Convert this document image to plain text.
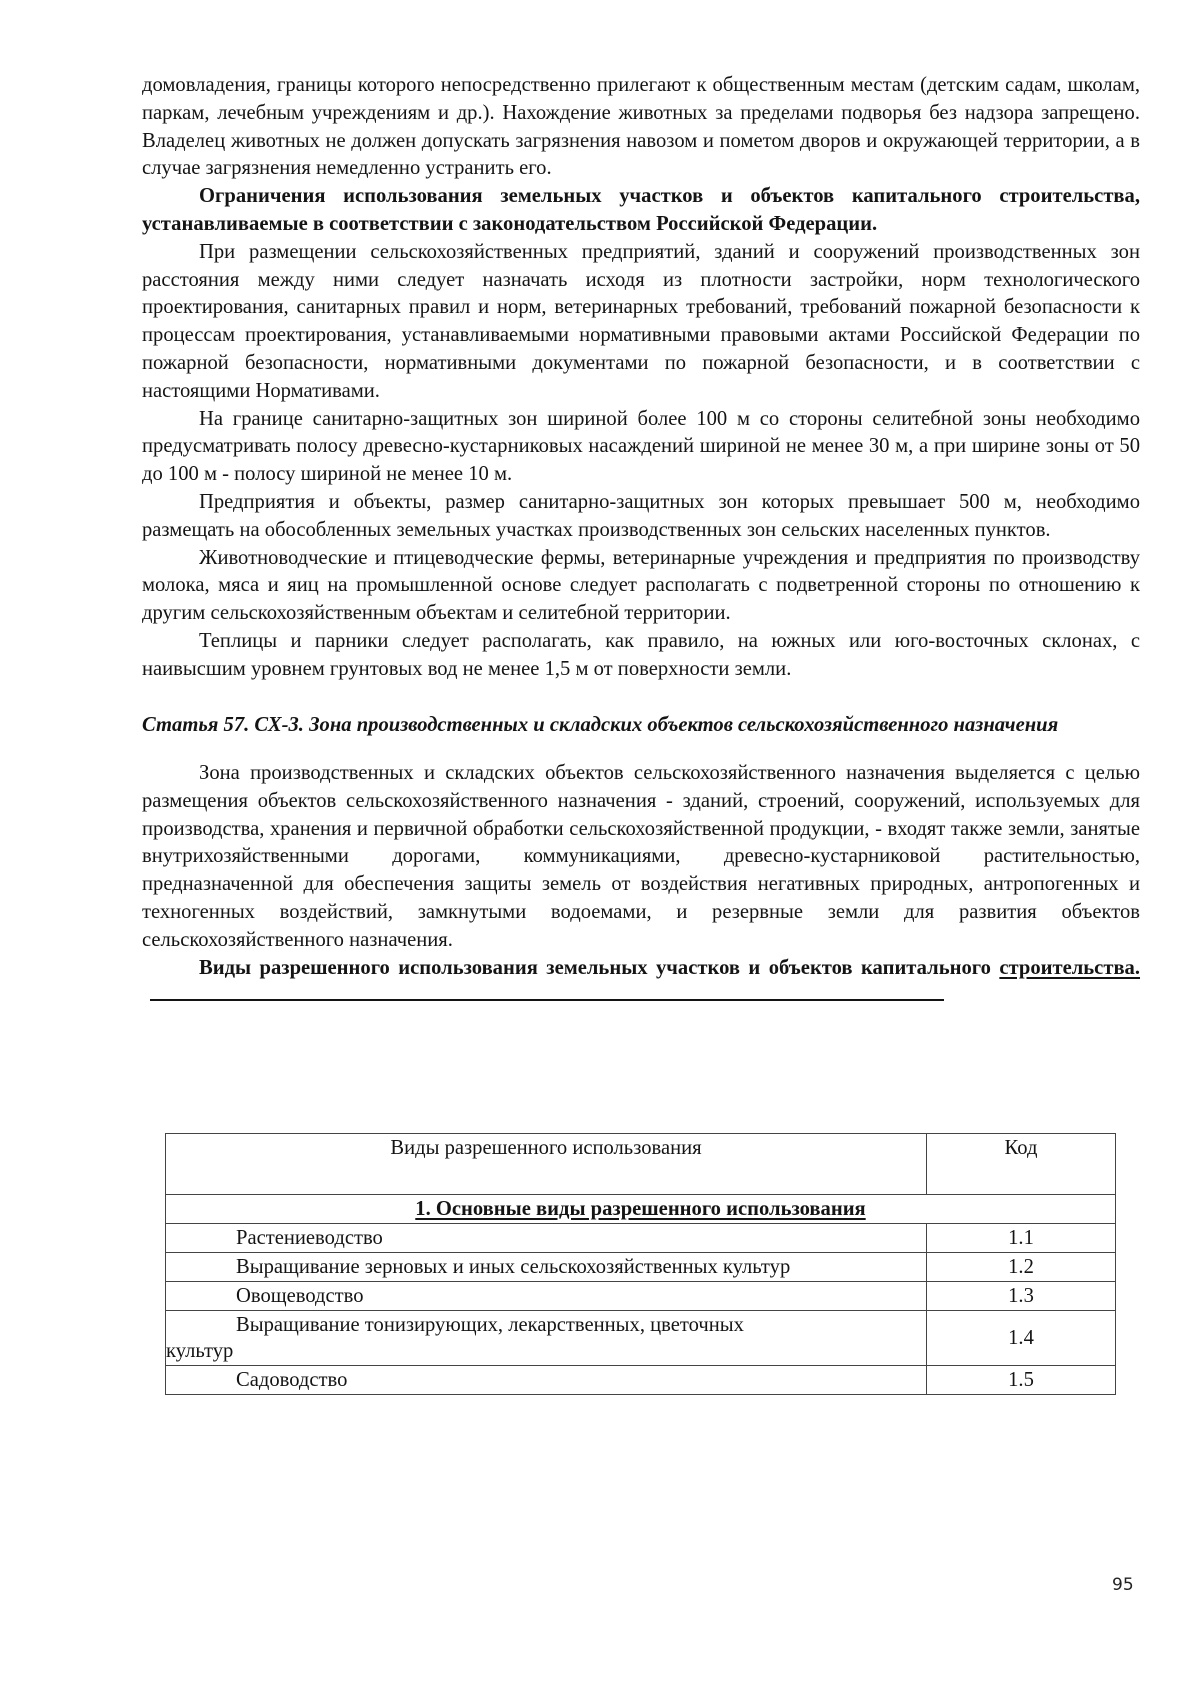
домовладения, границы которого непосредственно прилегают к общественным местам (детским садам, школам, паркам, лечебным учреждениям и др.). Нахождение животных за пределами подворья без надзора запрещено. Владелец животных не должен допускать загрязнения навозом и пометом дворов и окружающей территории, а в случае загрязнения немедленно устранить его.

Ограничения использования земельных участков и объектов капитального строительства, устанавливаемые в соответствии с законодательством Российской Федерации.

При размещении сельскохозяйственных предприятий, зданий и сооружений производственных зон расстояния между ними следует назначать исходя из плотности застройки, норм технологического проектирования, санитарных правил и норм, ветеринарных требований, требований пожарной безопасности к процессам проектирования, устанавливаемыми нормативными правовыми актами Российской Федерации по пожарной безопасности, нормативными документами по пожарной безопасности, и в соответствии с настоящими Нормативами.

На границе санитарно-защитных зон шириной более 100 м со стороны селитебной зоны необходимо предусматривать полосу древесно-кустарниковых насаждений шириной не менее 30 м, а при ширине зоны от 50 до 100 м - полосу шириной не менее 10 м.

Предприятия и объекты, размер санитарно-защитных зон которых превышает 500 м, необходимо размещать на обособленных земельных участках производственных зон сельских населенных пунктов.

Животноводческие и птицеводческие фермы, ветеринарные учреждения и предприятия по производству молока, мяса и яиц на промышленной основе следует располагать с подветренной стороны по отношению к другим сельскохозяйственным объектам и селитебной территории.

Теплицы и парники следует располагать, как правило, на южных или юго-восточных склонах, с наивысшим уровнем грунтовых вод не менее 1,5 м от поверхности земли.

Статья 57. СХ-3. Зона производственных и складских объектов сельскохозяйственного назначения

Зона производственных и складских объектов сельскохозяйственного назначения выделяется с целью размещения объектов сельскохозяйственного назначения - зданий, строений, сооружений, используемых для производства, хранения и первичной обработки сельскохозяйственной продукции, - входят также земли, занятые внутрихозяйственными дорогами, коммуникациями, древесно-кустарниковой растительностью, предназначенной для обеспечения защиты земель от воздействия негативных природных, антропогенных и техногенных воздействий, замкнутыми водоемами, и резервные земли для развития объектов сельскохозяйственного назначения.

Виды разрешенного использования земельных участков и объектов капитального строительства.

Виды разрешенного использования	Код
1. Основные виды разрешенного использования	
Растениеводство	1.1
Выращивание зерновых и иных сельскохозяйственных культур	1.2
Овощеводство	1.3

Выращивание тонизирующих, лекарственных, цветочных
культур	1.4
Садоводство	1.5
95
